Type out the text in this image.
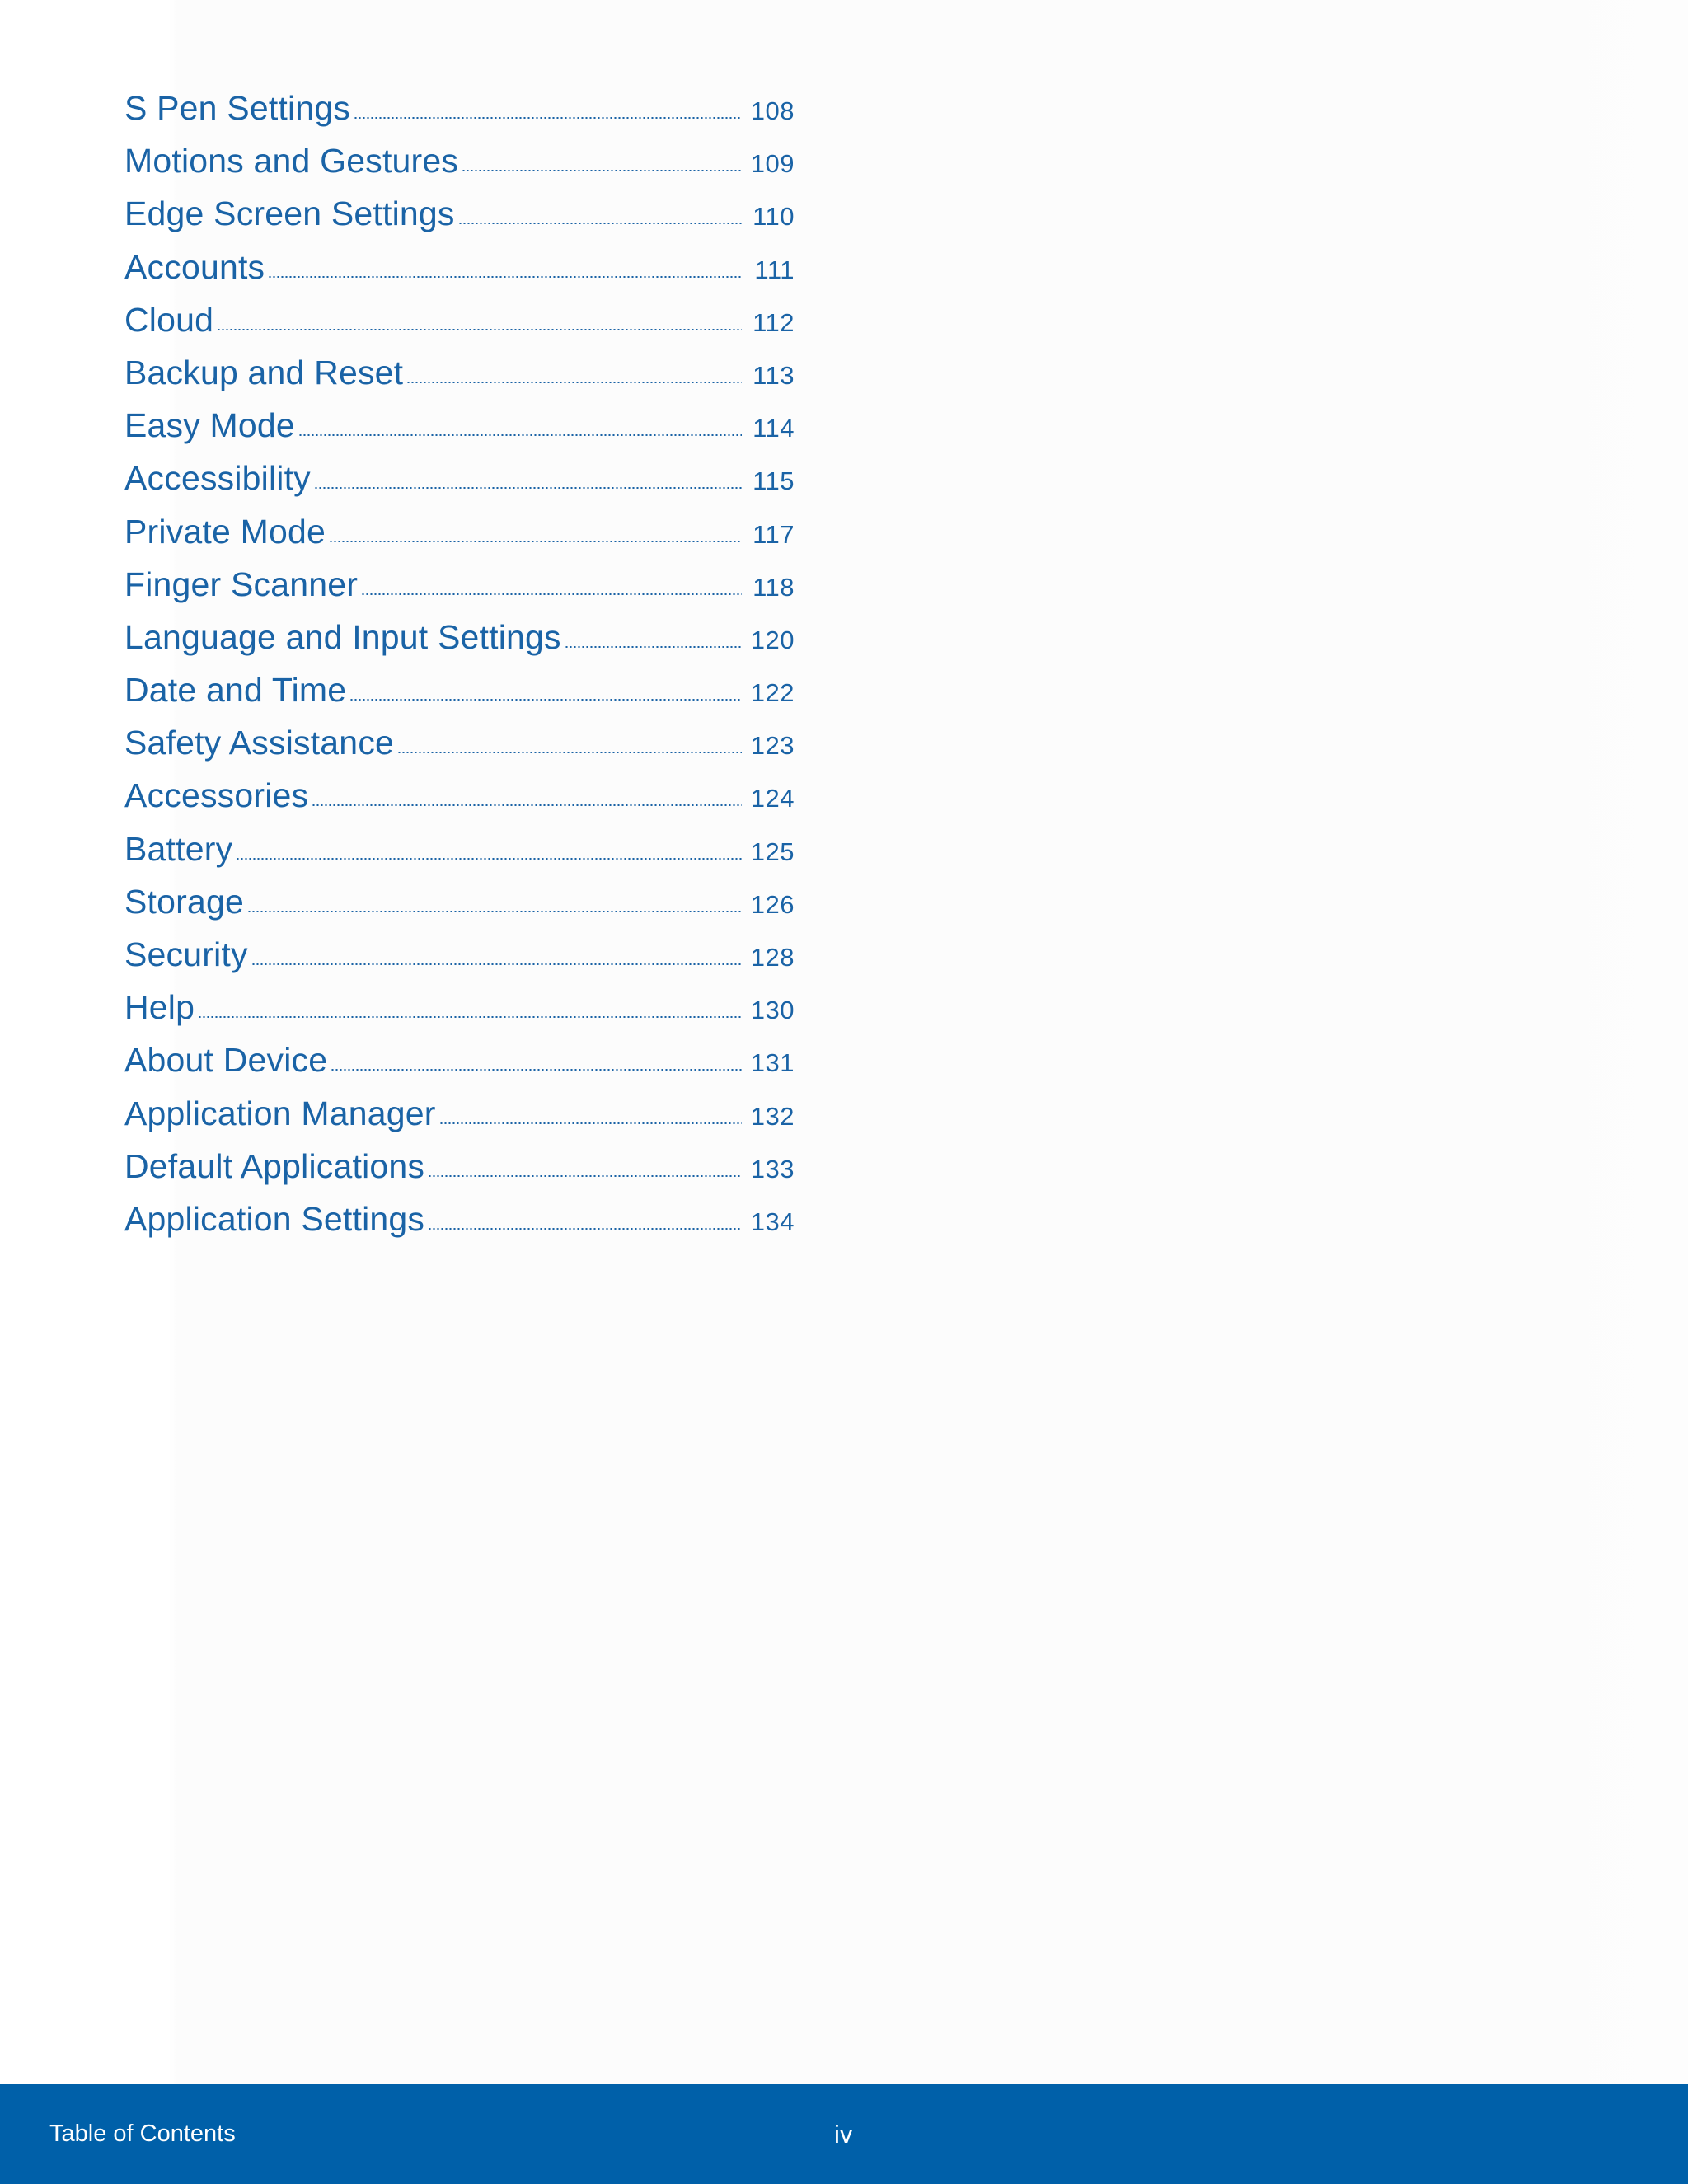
S Pen Settings	108
Motions and Gestures	109
Edge Screen Settings	110
Accounts	111
Cloud	112
Backup and Reset	113
Easy Mode	114
Accessibility	115
Private Mode	117
Finger Scanner	118
Language and Input Settings	120
Date and Time	122
Safety Assistance	123
Accessories	124
Battery	125
Storage	126
Security	128
Help	130
About Device	131
Application Manager	132
Default Applications	133
Application Settings	134
Table of Contents	iv
